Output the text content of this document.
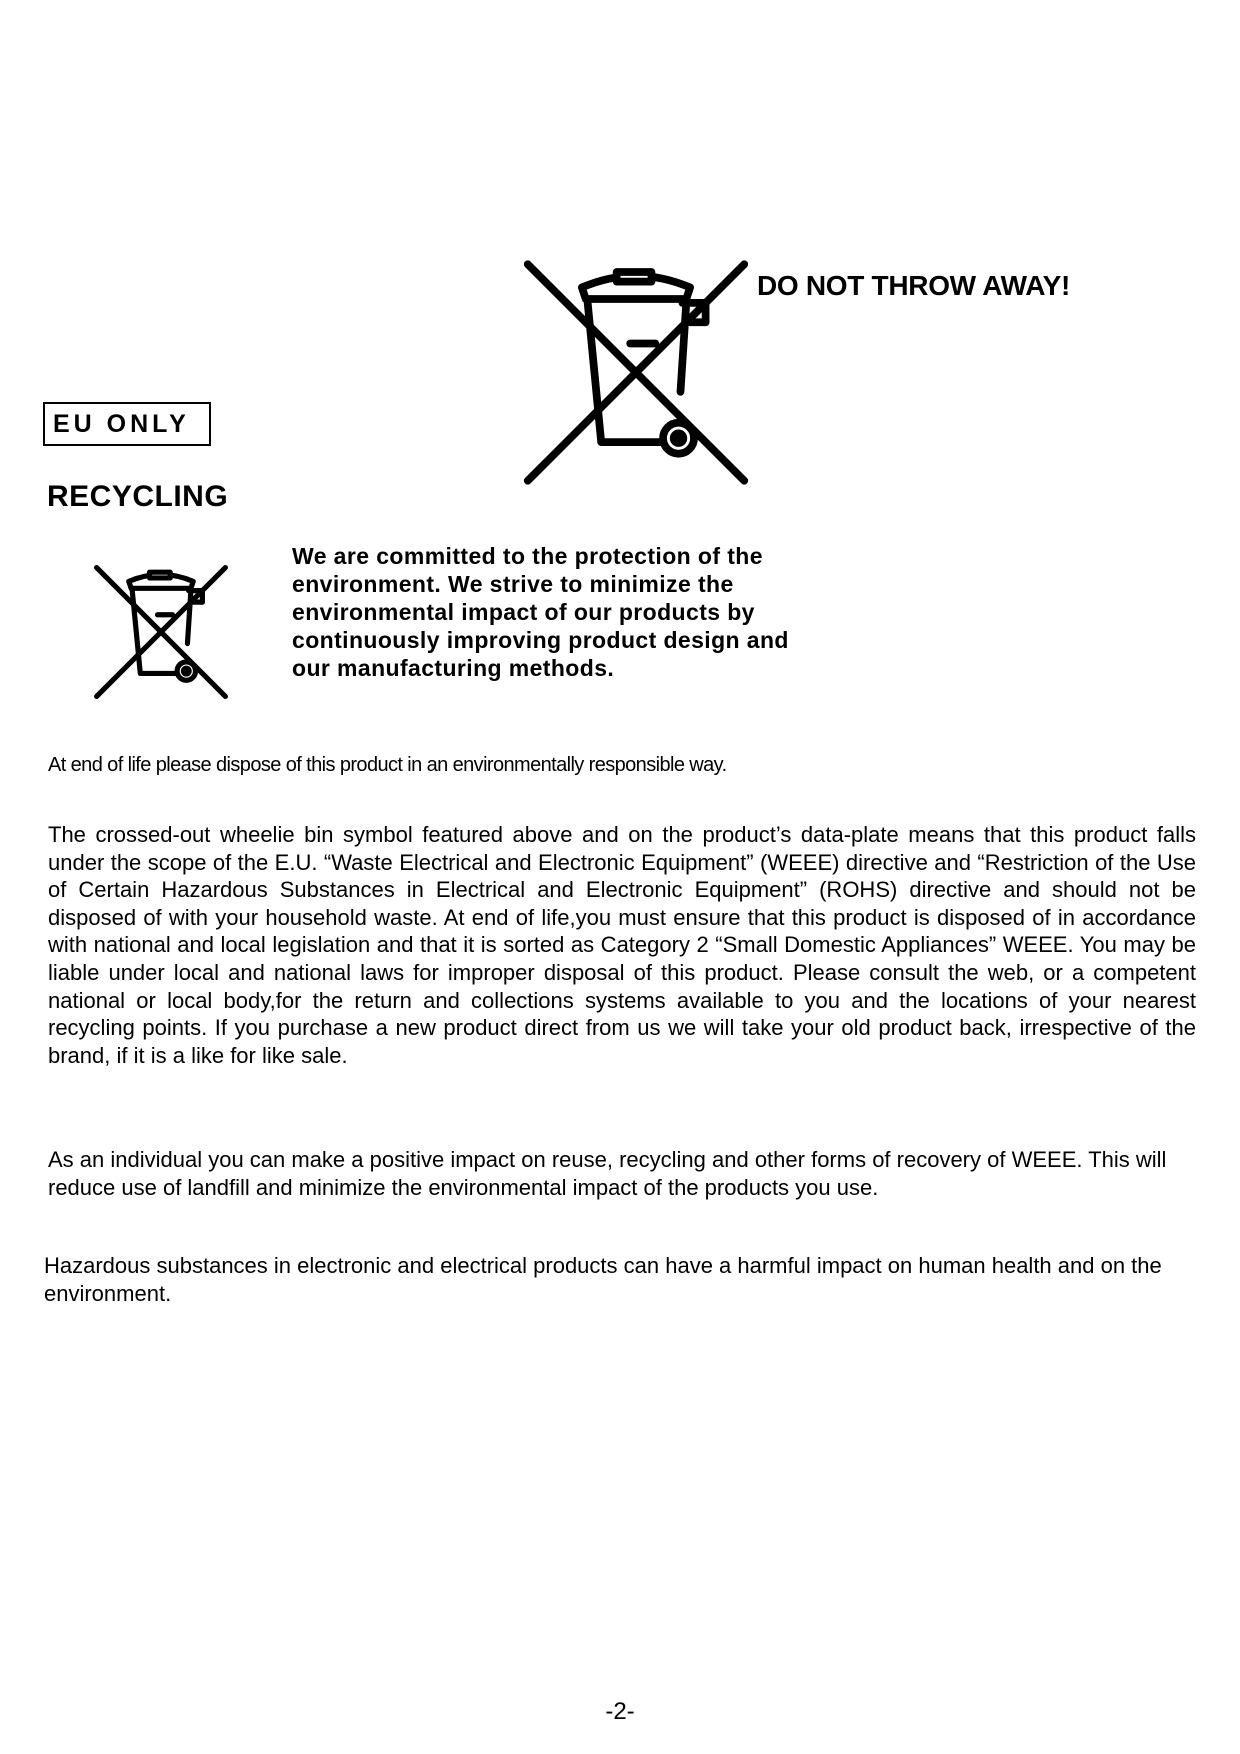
DO NOT THROW AWAY!
EU ONLY
RECYCLING
We are committed to the protection of the environment. We strive to minimize the environmental impact of our products by continuously improving product design and our manufacturing methods.
At end of life please dispose of this product in an environmentally responsible way.
The crossed-out wheelie bin symbol featured above and on the product’s data-plate means that this product falls under the scope of the E.U. “Waste Electrical and Electronic Equipment” (WEEE) directive and “Restriction of the Use of Certain Hazardous Substances in Electrical and Electronic Equipment” (ROHS) directive and should not be disposed of with your household waste. At end of life,you must ensure that this product is disposed of in accordance with national and local legislation and that it is sorted as Category 2 “Small Domestic Appliances” WEEE. You may be liable under local and national laws for improper disposal of this product. Please consult the web, or a competent national or local body,for the return and collections systems available to you and the locations of your nearest recycling points. If you purchase a new product direct from us we will take your old product back, irrespective of the brand, if it is a like for like sale.
As an individual you can make a positive impact on reuse, recycling and other forms of recovery of WEEE. This will reduce use of landfill and minimize the environmental impact of the products you use.
Hazardous substances in electronic and electrical products can have a harmful impact on human health and on the environment.
-2-
